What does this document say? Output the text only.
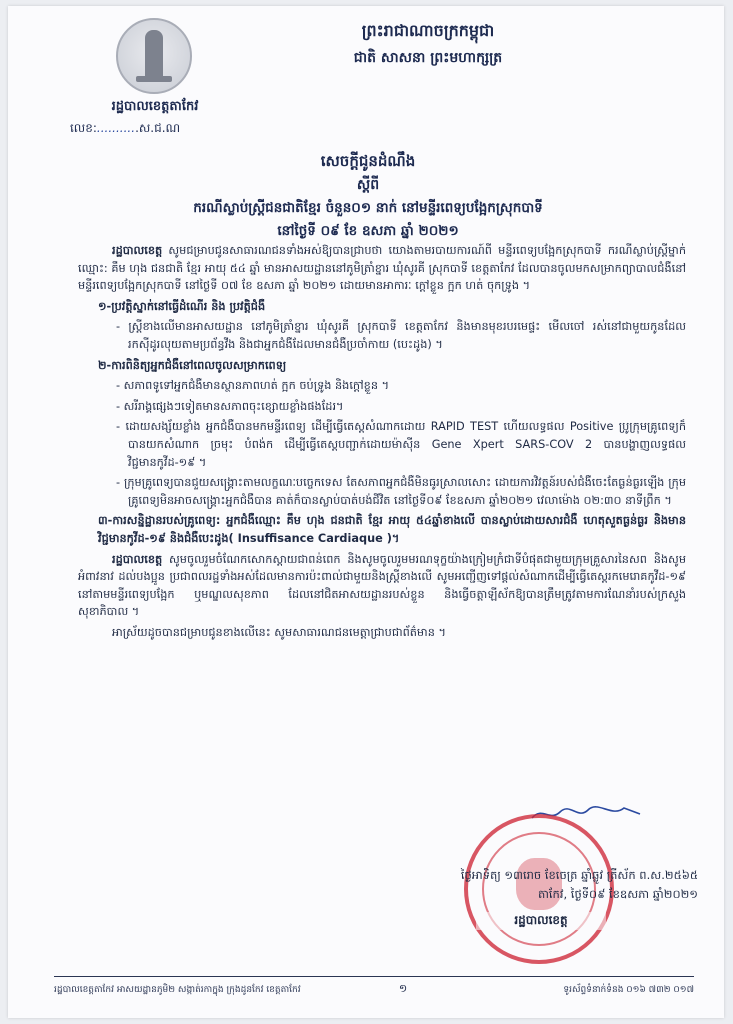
ព្រះរាជាណាចក្រកម្ពុជា
ជាតិ សាសនា ព្រះមហាក្សត្រ
រដ្ឋបាលខេត្តតាកែវ
លេខ:...........ស.ជ.ណ
សេចក្តីជូនដំណឹង
ស្តីពី
ករណីស្លាប់ស្ត្រីជនជាតិខ្មែរ ចំនួន០១ នាក់ នៅមន្ទីរពេទ្យបង្អែកស្រុកបាទី
នៅថ្ងៃទី ០៩ ខែ ឧសភា ឆ្នាំ ២០២១

រដ្ឋបាលខេត្ត សូមជម្រាបជូនសាធារណជនទាំងអស់ឱ្យបានជ្រាបថា យោងតាមរបាយការណ៍ពី មន្ទីរពេទ្យបង្អែកស្រុកបាទី ករណីស្លាប់ស្ត្រីម្នាក់ឈ្មោះ: គឹម ហុង ជនជាតិ ខ្មែរ អាយុ ៥៤ ឆ្នាំ មានអាសយដ្ឋាននៅភូមិត្រាំខ្នារ ឃុំសូរគី ស្រុកបាទី ខេត្តតាកែវ ដែលបានចូលមកសម្រាកព្យាបាលជំងឺនៅមន្ទីរពេទ្យបង្អែកស្រុកបាទី នៅថ្ងៃទី ០៧ ខែ ឧសភា ឆ្នាំ ២០២១ ដោយមានអាការៈ ក្តៅខ្លួន ក្អក ហត់ ចុកទ្រូង ។

១-ប្រវត្តិស្នាក់នៅធ្វើដំណើរ និង ប្រវត្តិជំងឺ

- ស្ត្រីខាងលើមានអាសយដ្ឋាន នៅភូមិត្រាំខ្នារ ឃុំសូរគី ស្រុកបាទី ខេត្តតាកែវ និងមានមុខរបរមេផ្ទះ មើលចៅ រស់នៅជាមួយកូនដែលរកស៊ីដូរលុយតាមប្រព័ន្ធវីង និងជាអ្នកជំងឺដែលមានជំងឺប្រចាំកាយ (បេះដូង) ។

២-ការពិនិត្យអ្នកជំងឺនៅពេលចូលសម្រាកពេទ្យ

- សភាពទូទៅអ្នកជំងឺមានស្ថានភាពហត់ ក្អក ចប់ទ្រូង និងក្តៅខ្លួន ។

- សរីរាង្គផ្សេងៗទៀតមានសភាពចុះខ្សោយខ្លាំងផងដែរ។

- ដោយសង្ស័យខ្លាំង អ្នកជំងឺបានមកមន្ទីរពេទ្យ ដើម្បីធ្វើតេស្តសំណាកដោយ RAPID TEST ហើយលទ្ធផល Positive ប្រូក្រុមគ្រូពេទ្យក៏បានយកសំណាក ច្រមុះ បំពង់ក ដើម្បីធ្វើតេស្តបញ្ជាក់ដោយម៉ាស៊ីន Gene Xpert SARS-COV 2 បានបង្ហាញលទ្ធផលវិជ្ជមានកូវីដ-១៩ ។

- ក្រុមគ្រូពេទ្យបានជួយសង្គ្រោះតាមលក្ខណៈបច្ចេកទេស តែសភាពអ្នកជំងឺមិនធូរស្រាលសោះ ដោយការវិវត្តន៍របស់ជំងឺចេះតែធ្ងន់ធ្ងរឡើង ក្រុមគ្រូពេទ្យមិនអាចសង្គ្រោះអ្នកជំងឺបាន គាត់ក៏បានស្លាប់បាត់បង់ជីវិត នៅថ្ងៃទី០៩ ខែឧសភា ឆ្នាំ២០២១ វេលាម៉ោង ០២:៣០ នាទីព្រឹក ។

៣-ការសន្និដ្ឋានរបស់គ្រូពេទ្យ: អ្នកជំងឺឈ្មោះ គឹម ហុង ជនជាតិ ខ្មែរ អាយុ ៥៤ឆ្នាំខាងលើ បានស្លាប់ដោយសារជំងឺ ហេតុសួតធ្ងន់ធ្ងរ និងមាន វិជ្ជមានកូវីដ-១៩ និងជំងឺបេះដូង( Insuffisance Cardiaque )។

រដ្ឋបាលខេត្ត សូមចូលរួមចំណែកសោកស្តាយជាពន់ពេក និងសូមចូលរួមមរណទុក្ខយ៉ាងក្រៀមក្រំជាទីបំផុតជាមួយក្រុមគ្រួសារនៃសព និងសូមអំពាវនាវ ដល់បងប្អូន ប្រជាពលរដ្ឋទាំងអស់ដែលមានការប៉ះពាល់ជាមួយនិងស្ត្រីខាងលើ សូមអញ្ជើញទៅផ្តល់សំណាកដើម្បីធ្វើតេស្តរកមេរោគកូវីដ-១៩ នៅតាមមន្ទីរពេទ្យបង្អែក ឬមណ្ឌលសុខភាព ដែលនៅជិតអាសយដ្ឋានរបស់ខ្លួន និងធ្វើចត្តាឡីស័កឱ្យបានត្រឹមត្រូវតាមការណែនាំរបស់ក្រសួងសុខាភិបាល ។

អាស្រ័យដូចបានជម្រាបជូនខាងលើនេះ សូមសាធារណជនមេត្តាជ្រាបជាព័ត៌មាន ។

ថ្ងៃអាទិត្យ ១៣រោច ខែចេត្រ ឆ្នាំឆ្លូវ ត្រីស័ក ព.ស.២៥៦៥
តាកែវ, ថ្ងៃទី០៩ ខែឧសភា ឆ្នាំ២០២១
រដ្ឋបាលខេត្ត
រដ្ឋបាលខេត្តតាកែវ អាសយដ្ឋានភូមិ២ សង្កាត់រកាក្នុង ក្រុងដូនកែវ ខេត្តតាកែវ	១	ទូរស័ព្ទទំនាក់ទំនង ០១៦ ៧៣២ ០១៧
